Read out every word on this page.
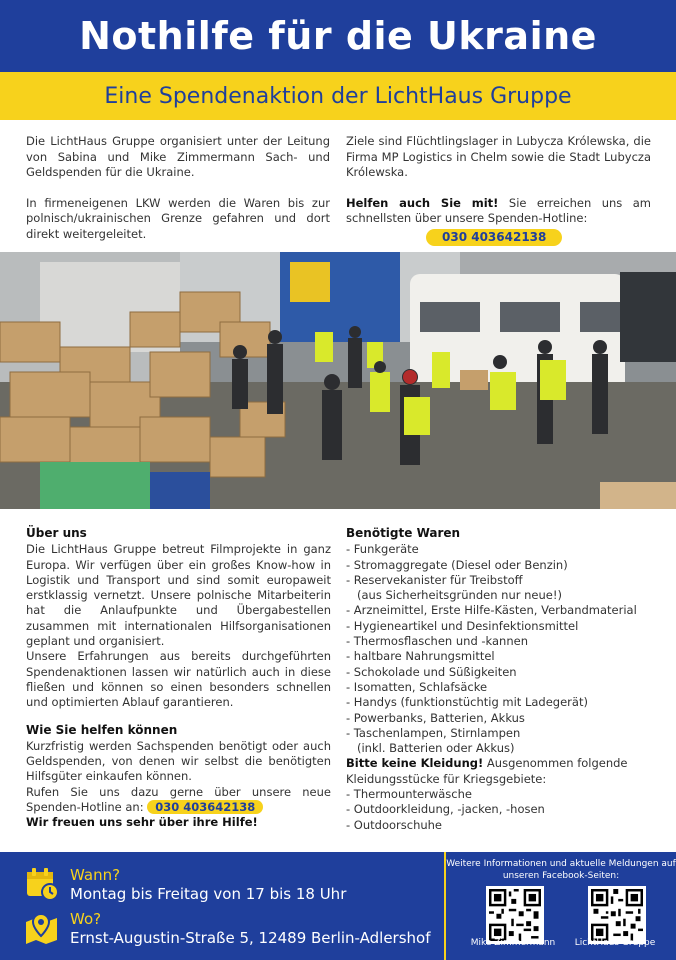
Nothilfe für die Ukraine
Eine Spendenaktion der LichtHaus Gruppe

Die LichtHaus Gruppe organisiert unter der Leitung von Sabina und Mike Zimmermann Sach- und Geldspenden für die Ukraine.

In firmeneigenen LKW werden die Waren bis zur polnisch/ukrainischen Grenze gefahren und dort direkt weitergeleitet.

Ziele sind Flüchtlingslager in Lubycza Królewska, die Firma MP Logistics in Chelm sowie die Stadt Lubycza Królewska.

Helfen auch Sie mit! Sie erreichen uns am schnellsten über unsere Spenden-Hotline:

030 403642138
Über uns

Die LichtHaus Gruppe betreut Filmprojekte in ganz Europa. Wir verfügen über ein großes Know-how in Logistik und Transport und sind somit europaweit erstklassig vernetzt. Unsere polnische Mitarbeiterin hat die Anlaufpunkte und Übergabestellen zusammen mit internationalen Hilfsorganisationen geplant und organisiert.

Unsere Erfahrungen aus bereits durchgeführten Spendenaktionen lassen wir natürlich auch in diese fließen und können so einen besonders schnellen und optimierten Ablauf garantieren.

Wie Sie helfen können

Kurzfristig werden Sachspenden benötigt oder auch Geldspenden, von denen wir selbst die benötigten Hilfsgüter einkaufen können.

Rufen Sie uns dazu gerne über unsere neue Spenden-Hotline an: 030 403642138

Wir freuen uns sehr über ihre Hilfe!

Benötigte Waren
- Funkgeräte
- Stromaggregate (Diesel oder Benzin)
- Reservekanister für Treibstoff
(aus Sicherheitsgründen nur neue!)
- Arzneimittel, Erste Hilfe-Kästen, Verbandmaterial
- Hygieneartikel und Desinfektionsmittel
- Thermosflaschen und -kannen
- haltbare Nahrungsmittel
- Schokolade und Süßigkeiten
- Isomatten, Schlafsäcke
- Handys (funktionstüchtig mit Ladegerät)
- Powerbanks, Batterien, Akkus
- Taschenlampen, Stirnlampen
(inkl. Batterien oder Akkus)

Bitte keine Kleidung! Ausgenommen folgende Kleidungsstücke für Kriegsgebiete:

- Thermounterwäsche
- Outdoorkleidung, -jacken, -hosen
- Outdoorschuhe
Wann?
Montag bis Freitag von 17 bis 18 Uhr
Wo?
Ernst-Augustin-Straße 5, 12489 Berlin-Adlershof
Weitere Informationen und aktuelle Meldungen auf unseren Facebook-Seiten:
Mike Zimmermann	LichtHaus Gruppe
